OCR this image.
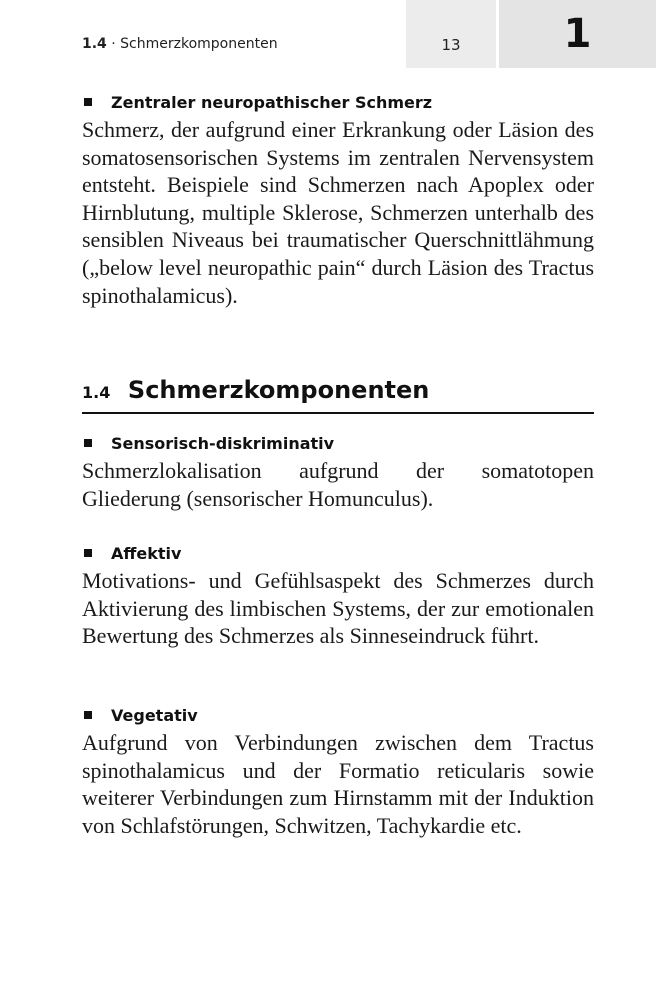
1.4 · Schmerzkomponenten	13	1
Zentraler neuropathischer Schmerz
Schmerz, der aufgrund einer Erkrankung oder Läsion des somatosensorischen Systems im zentralen Nervensystem entsteht. Beispiele sind Schmerzen nach Apoplex oder Hirnblutung, multiple Sklerose, Schmerzen unterhalb des sensiblen Niveaus bei traumatischer Querschnittlähmung („below level neuropathic pain“ durch Läsion des Tractus spinothalamicus).
1.4 Schmerzkomponenten
Sensorisch-diskriminativ
Schmerzlokalisation aufgrund der somatotopen Gliederung (sensorischer Homunculus).
Affektiv
Motivations- und Gefühlsaspekt des Schmerzes durch Aktivierung des limbischen Systems, der zur emotionalen Bewertung des Schmerzes als Sinneseindruck führt.
Vegetativ
Aufgrund von Verbindungen zwischen dem Tractus spinothalamicus und der Formatio reticularis sowie weiterer Verbindungen zum Hirnstamm mit der Induktion von Schlafstörungen, Schwitzen, Tachykardie etc.
